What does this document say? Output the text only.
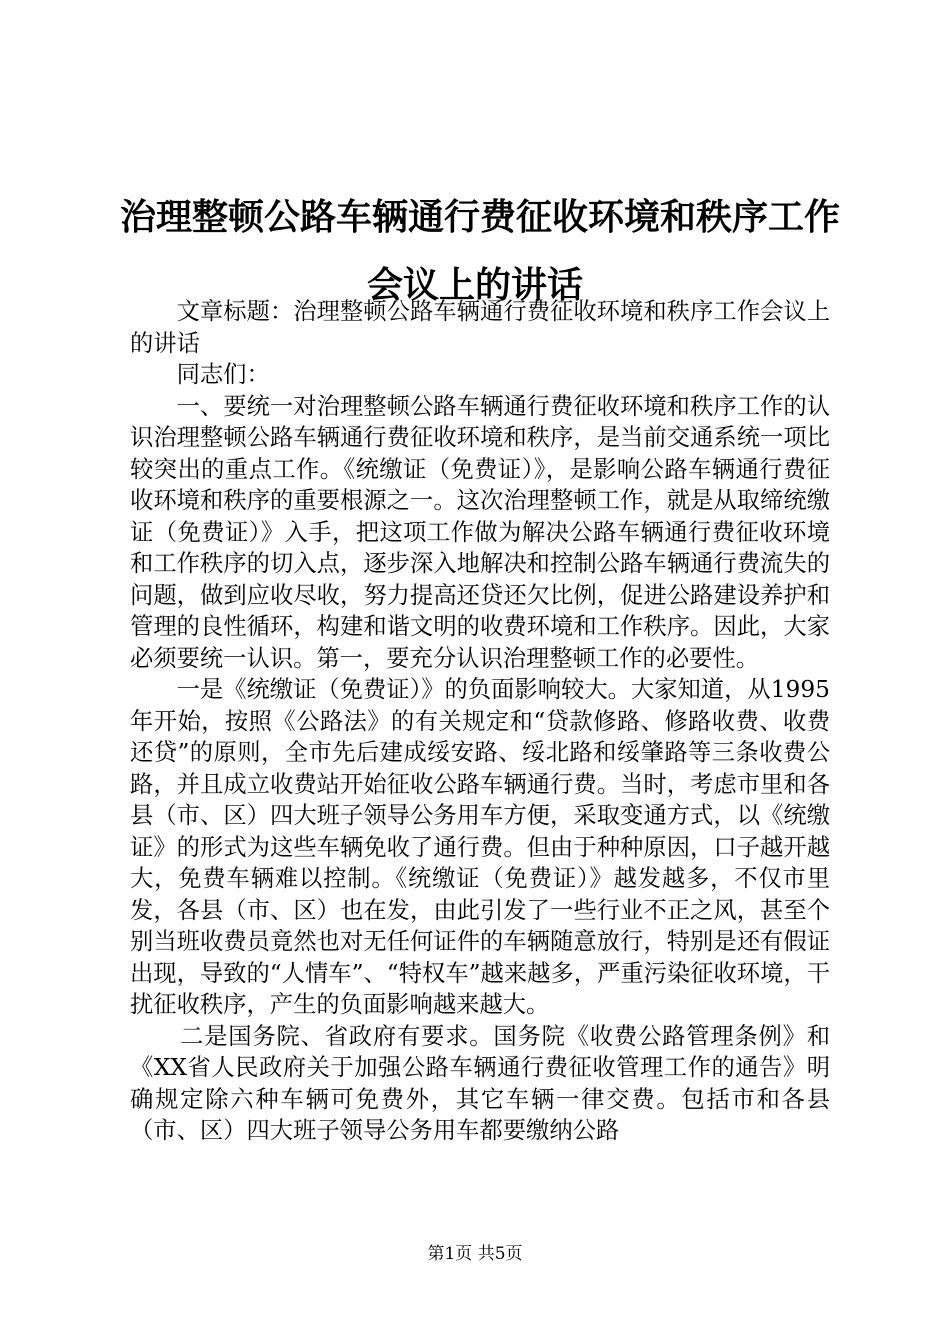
治理整顿公路车辆通行费征收环境和秩序工作
会议上的讲话

文章标题：治理整顿公路车辆通行费征收环境和秩序工作会议上的讲话

同志们：

一、要统一对治理整顿公路车辆通行费征收环境和秩序工作的认识治理整顿公路车辆通行费征收环境和秩序，是当前交通系统一项比较突出的重点工作。《统缴证（免费证）》，是影响公路车辆通行费征收环境和秩序的重要根源之一。这次治理整顿工作，就是从取缔统缴证（免费证）》入手，把这项工作做为解决公路车辆通行费征收环境和工作秩序的切入点，逐步深入地解决和控制公路车辆通行费流失的问题，做到应收尽收，努力提高还贷还欠比例，促进公路建设养护和管理的良性循环，构建和谐文明的收费环境和工作秩序。因此，大家必须要统一认识。第一，要充分认识治理整顿工作的必要性。

一是《统缴证（免费证）》的负面影响较大。大家知道，从1995年开始，按照《公路法》的有关规定和“贷款修路、修路收费、收费还贷”的原则，全市先后建成绥安路、绥北路和绥肇路等三条收费公路，并且成立收费站开始征收公路车辆通行费。当时，考虑市里和各县（市、区）四大班子领导公务用车方便，采取变通方式，以《统缴证》的形式为这些车辆免收了通行费。但由于种种原因，口子越开越大，免费车辆难以控制。《统缴证（免费证）》越发越多，不仅市里发，各县（市、区）也在发，由此引发了一些行业不正之风，甚至个别当班收费员竟然也对无任何证件的车辆随意放行，特别是还有假证出现，导致的“人情车”、“特权车”越来越多，严重污染征收环境，干扰征收秩序，产生的负面影响越来越大。

二是国务院、省政府有要求。国务院《收费公路管理条例》和《XX省人民政府关于加强公路车辆通行费征收管理工作的通告》明确规定除六种车辆可免费外，其它车辆一律交费。包括市和各县（市、区）四大班子领导公务用车都要缴纳公路

第1页 共5页
